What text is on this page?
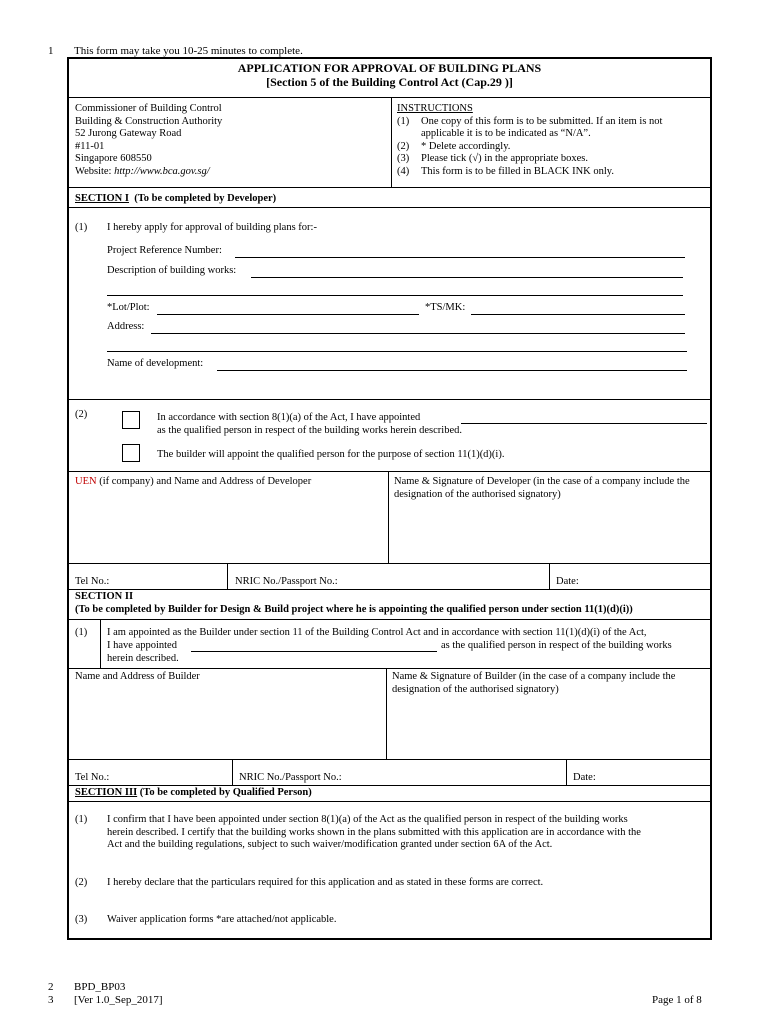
1
2
3
This form may take you 10-25 minutes to complete.
APPLICATION FOR APPROVAL OF BUILDING PLANS
[Section 5 of the Building Control Act (Cap.29 )]
Commissioner of Building Control
Building & Construction Authority
52 Jurong Gateway Road
#11-01
Singapore 608550
Website: http://www.bca.gov.sg/
INSTRUCTIONS
(1)	One copy of this form is to be submitted. If an item is not
applicable it is to be indicated as “N/A”.
(2)	* Delete accordingly.
(3)	Please tick (√) in the appropriate boxes.
(4)	This form is to be filled in BLACK INK only.
SECTION I (To be completed by Developer)
(1) I hereby apply for approval of building plans for:-
Project Reference Number:
Description of building works:
*Lot/Plot:	*TS/MK:
Address:
Name of development:
(2)	In accordance with section 8(1)(a) of the Act, I have appointed
as the qualified person in respect of the building works herein described.
The builder will appoint the qualified person for the purpose of section 11(1)(d)(i).
UEN (if company) and Name and Address of Developer	Name & Signature of Developer (in the case of a company include the designation of the authorised signatory)
Tel No.:	NRIC No./Passport No.:	Date:
SECTION II
(To be completed by Builder for Design & Build project where he is appointing the qualified person under section 11(1)(d)(i))
(1) I am appointed as the Builder under section 11 of the Building Control Act and in accordance with section 11(1)(d)(i) of the Act,
I have appointed	as the qualified person in respect of the building works
herein described.
Name and Address of Builder	Name & Signature of Builder (in the case of a company include the designation of the authorised signatory)
Tel No.:	NRIC No./Passport No.:	Date:
SECTION III (To be completed by Qualified Person)
(1) I confirm that I have been appointed under section 8(1)(a) of the Act as the qualified person in respect of the building works
herein described. I certify that the building works shown in the plans submitted with this application are in accordance with the
Act and the building regulations, subject to such waiver/modification granted under section 6A of the Act.
(2) I hereby declare that the particulars required for this application and as stated in these forms are correct.
(3) Waiver application forms *are attached/not applicable.
BPD_BP03
[Ver 1.0_Sep_2017]	Page 1 of 8
